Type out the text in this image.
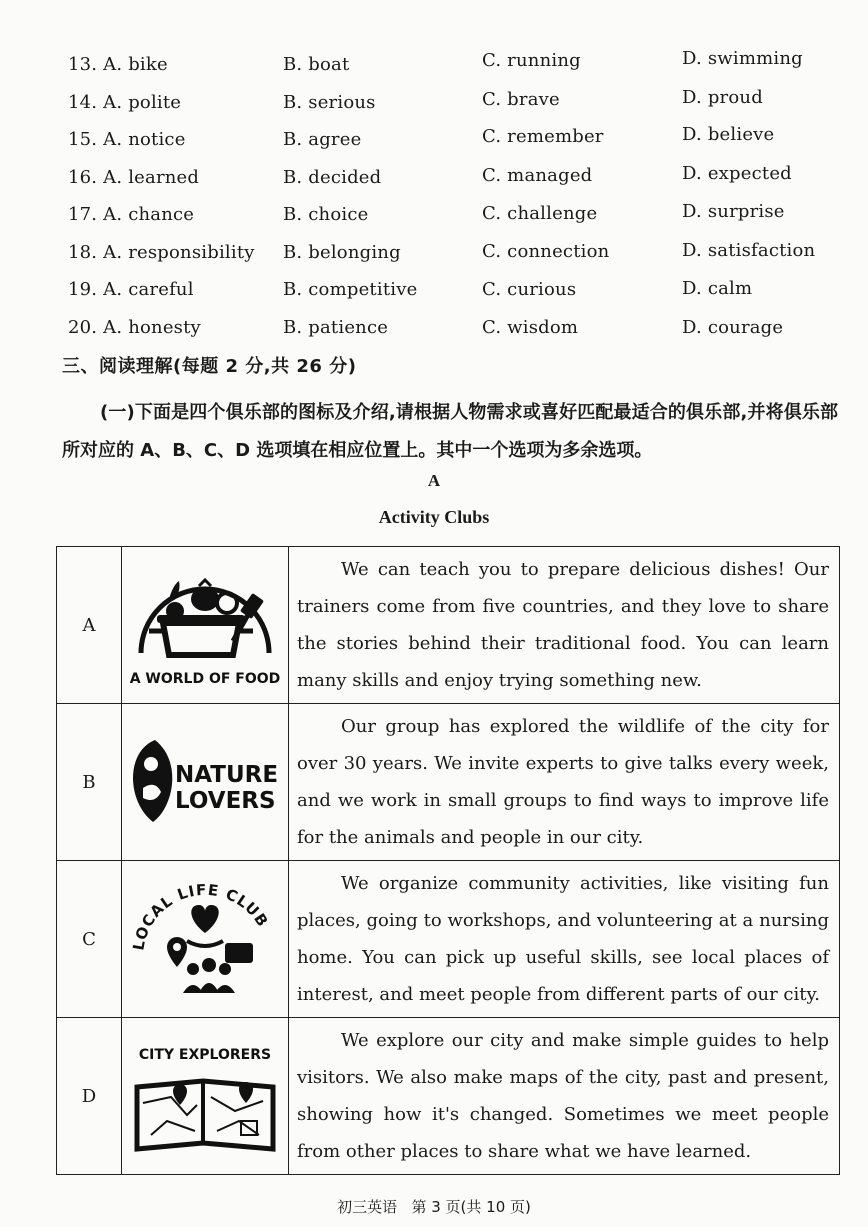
13. A. bike	B. boat	C. running	D. swimming
14. A. polite	B. serious	C. brave	D. proud
15. A. notice	B. agree	C. remember	D. believe
16. A. learned	B. decided	C. managed	D. expected
17. A. chance	B. choice	C. challenge	D. surprise
18. A. responsibility B. belonging	C. connection	D. satisfaction
19. A. careful	B. competitive	C. curious	D. calm
20. A. honesty	B. patience	C. wisdom	D. courage
三、阅读理解(每题 2 分,共 26 分)
(一)下面是四个俱乐部的图标及介绍,请根据人物需求或喜好匹配最适合的俱乐部,并将俱乐部所对应的 A、B、C、D 选项填在相应位置上。其中一个选项为多余选项。
A
Activity Clubs
A	A WORLD OF FOOD	We can teach you to prepare delicious dishes! Our trainers come from five countries, and they love to share the stories behind their traditional food. You can learn many skills and enjoy trying something new.
B	NATURE
LOVERS	Our group has explored the wildlife of the city for over 30 years. We invite experts to give talks every week, and we work in small groups to find ways to improve life for the animals and people in our city.
C	LOCAL LIFE CLUB	We organize community activities, like visiting fun places, going to workshops, and volunteering at a nursing home. You can pick up useful skills, see local places of interest, and meet people from different parts of our city.
D	CITY EXPLORERS	We explore our city and make simple guides to help visitors. We also make maps of the city, past and present, showing how it's changed. Sometimes we meet people from other places to share what we have learned.
初三英语   第 3 页(共 10 页)
